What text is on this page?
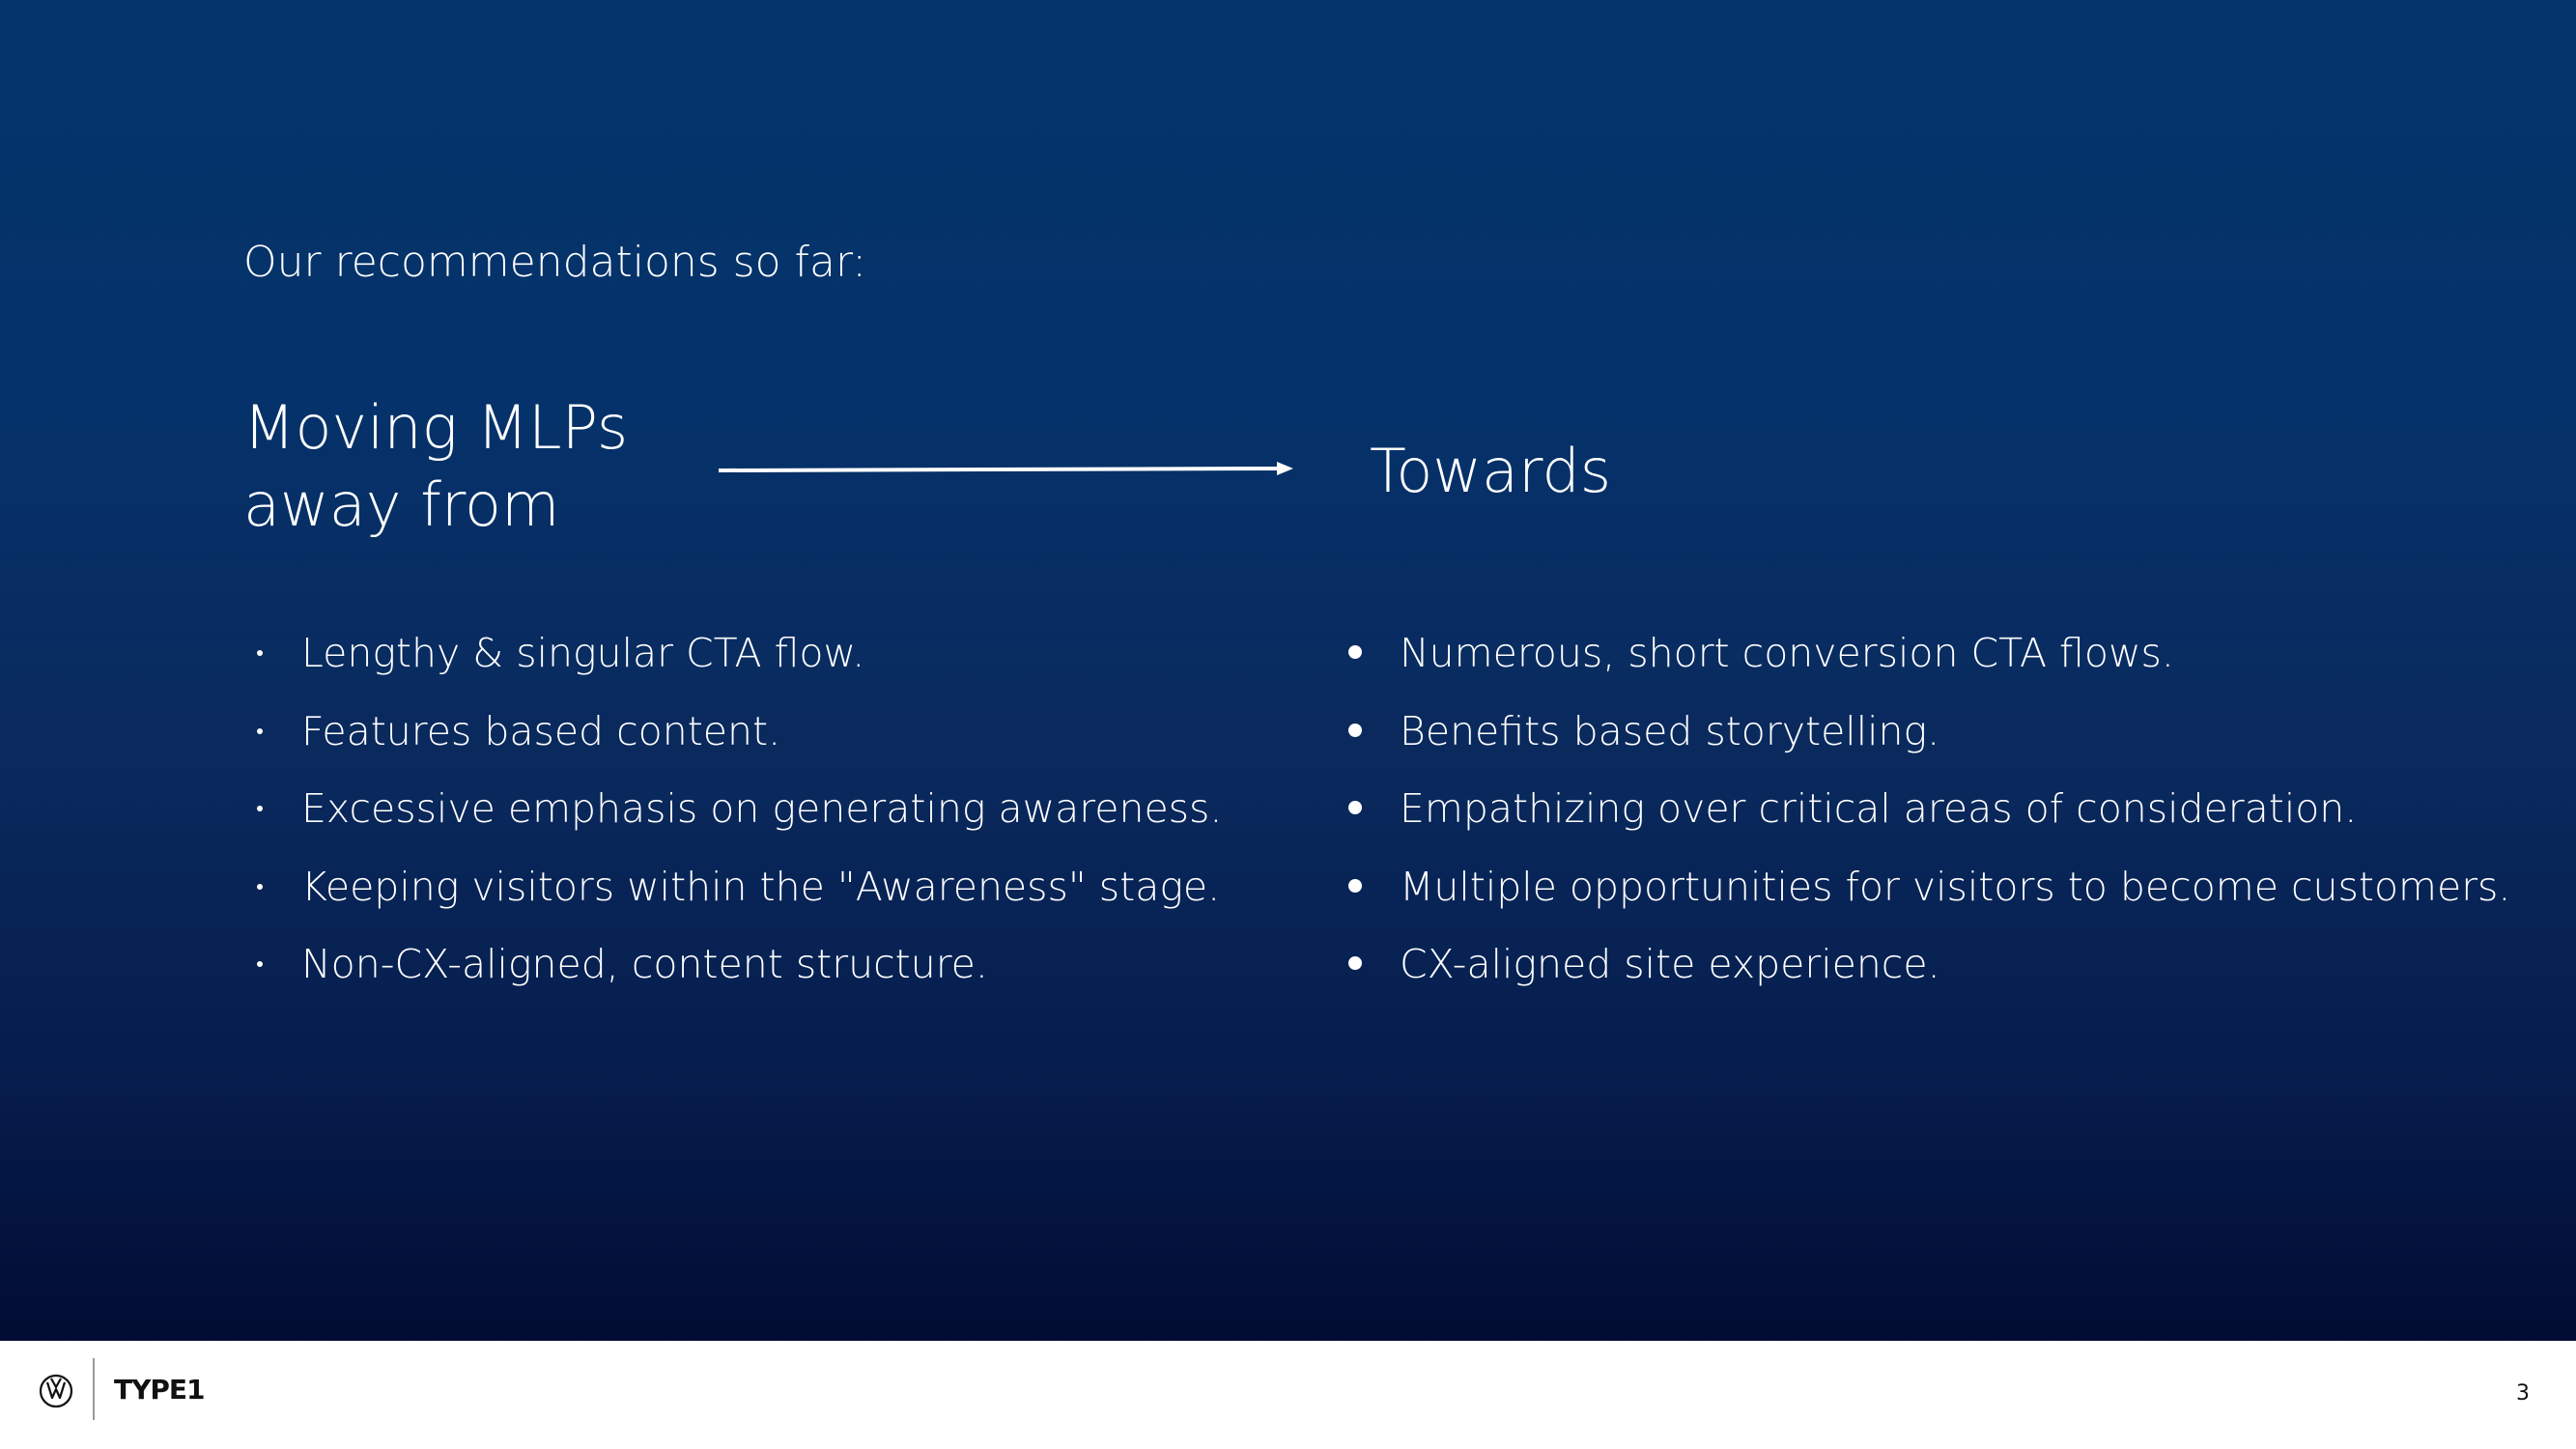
Our recommendations so far:
Moving MLPs
away from	Towards
Lengthy & singular CTA flow.
Features based content.
Excessive emphasis on generating awareness.
Keeping visitors within the "Awareness" stage.
Non-CX-aligned, content structure.
Numerous, short conversion CTA flows.
Benefits based storytelling.
Empathizing over critical areas of consideration.
Multiple opportunities for visitors to become customers.
CX-aligned site experience.
TYPE1	3
